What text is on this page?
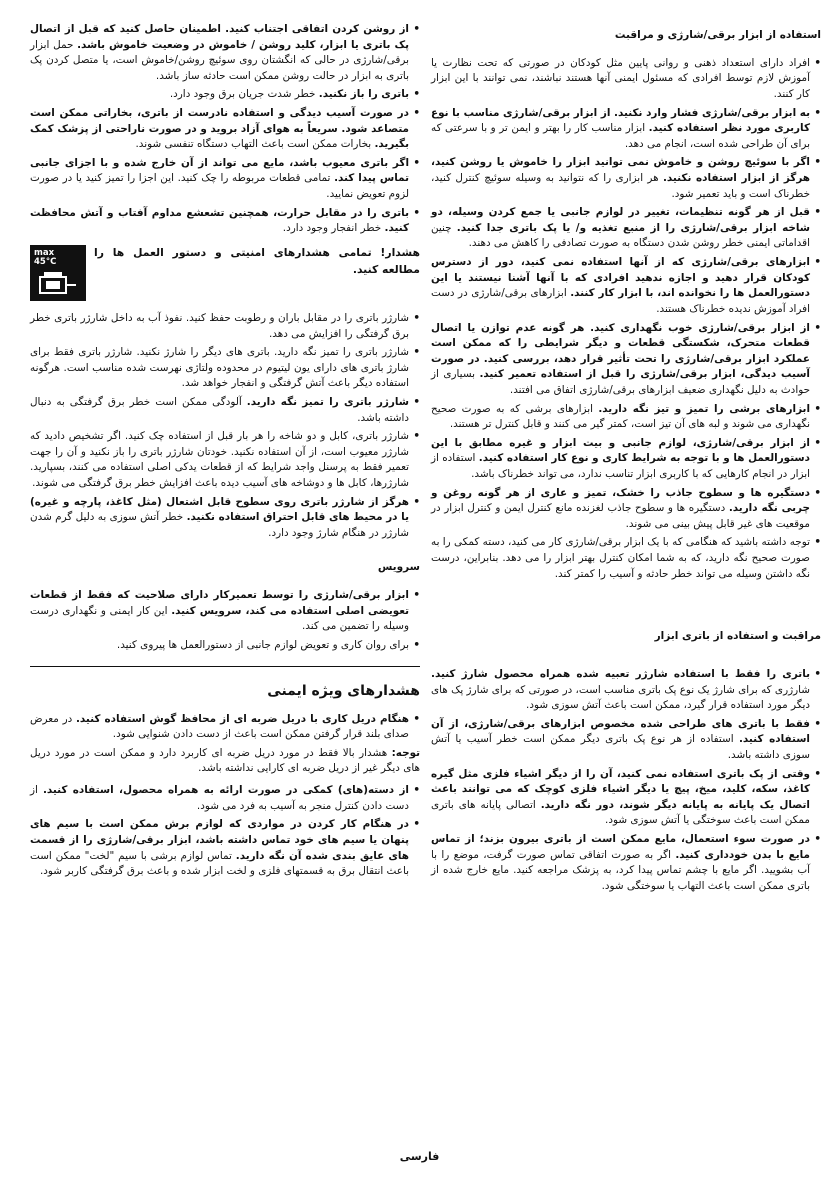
استفاده از ابزار برقی/شارژی و مراقبت
• افراد دارای استعداد ذهنی و روانی پایین مثل کودکان در صورتی که تحت نظارت یا آموزش لازم توسط افرادی که مسئول ایمنی آنها هستند نباشند، نمی توانند با این ابزار کار کنند.
• به ابزار برقی/شارژی فشار وارد نکنید. از ابزار برقی/شارژی مناسب با نوع کاربری مورد نظر استفاده کنید. ابزار مناسب کار را بهتر و ایمن تر و با سرعتی که برای آن طراحی شده است، انجام می دهد.
• اگر با سوئیچ روشن و خاموش نمی توانید ابزار را خاموش یا روشن کنید، هرگز از ابزار استفاده نکنید. هر ابزاری را که نتوانید به وسیله سوئیچ کنترل کنید، خطرناک است و باید تعمیر شود.
• قبل از هر گونه تنظیمات، تغییر در لوازم جانبی یا جمع کردن وسیله، دو شاخه ابزار برقی/شارژی را از منبع تغذیه و/ یا پک باتری جدا کنید. چنین اقداماتی ایمنی خطر روشن شدن دستگاه به صورت تصادفی را کاهش می دهند.
• ابزارهای برقی/شارژی که از آنها استفاده نمی کنید، دور از دسترس کودکان قرار دهید و اجازه ندهید افرادی که با آنها آشنا نیستند یا این دستورالعمل ها را نخوانده اند، با ابزار کار کنند. ابزارهای برقی/شارژی در دست افراد آموزش ندیده خطرناک هستند.
• از ابزار برقی/شارژی خوب نگهداری کنید. هر گونه عدم توازن یا اتصال قطعات متحرک، شکستگی قطعات و دیگر شرایطی را که ممکن است عملکرد ابزار برقی/شارژی را تحت تأثیر قرار دهد، بررسی کنید. در صورت آسیب دیدگی، ابزار برقی/شارژی را قبل از استفاده تعمیر کنید. بسیاری از حوادث به دلیل نگهداری ضعیف ابزارهای برقی/شارژی اتفاق می افتند.
• ابزارهای برشی را تمیز و تیز نگه دارید. ابزارهای برشی که به صورت صحیح نگهداری می شوند و لبه های آن تیز است، کمتر گیر می کنند و قابل کنترل تر هستند.
• از ابزار برقی/شارژی، لوازم جانبی و بیت ابزار و غیره مطابق با این دستورالعمل ها و با توجه به شرایط کاری و نوع کار استفاده کنید. استفاده از ابزار در انجام کارهایی که با کاربری ابزار تناسب ندارد، می تواند خطرناک باشد.
• دستگیره ها و سطوح جاذب را خشک، تمیز و عاری از هر گونه روغن و چربی نگه دارید. دستگیره ها و سطوح جاذب لغزنده مانع کنترل ایمن و کنترل ابزار در موقعیت های غیر قابل پیش بینی می شوند.
• توجه داشته باشید که هنگامی که با یک ابزار برقی/شارژی کار می کنید، دسته کمکی را به صورت صحیح نگه دارید، که به شما امکان کنترل بهتر ابزار را می دهد. بنابراین، درست نگه داشتن وسیله می تواند خطر حادثه و آسیب را کمتر کند.
مراقبت و استفاده از باتری ابزار
• باتری را فقط با استفاده شارژر تعبیه شده همراه محصول شارژ کنید. شارژری که برای شارژ یک نوع پک باتری مناسب است، در صورتی که برای شارژ پک های دیگر مورد استفاده قرار گیرد، ممکن است باعث آتش سوزی شود.
• فقط با باتری های طراحی شده مخصوص ابزارهای برقی/شارژی، از آن استفاده کنید. استفاده از هر نوع پک باتری دیگر ممکن است خطر آسیب یا آتش سوزی داشته باشد.
• وقتی از پک باتری استفاده نمی کنید، آن را از دیگر اشیاء فلزی مثل گیره کاغذ، سکه، کلید، میخ، پیچ یا دیگر اشیاء فلزی کوچک که می توانند باعث اتصال یک پایانه به پایانه دیگر شوند، دور نگه دارید. اتصالی پایانه های باتری ممکن است باعث سوختگی یا آتش سوزی شود.
• در صورت سوء استعمال، مایع ممکن است از باتری بیرون بزند؛ از تماس مایع با بدن خودداری کنید. اگر به صورت اتفاقی تماس صورت گرفت، موضع را با آب بشویید. اگر مایع با چشم تماس پیدا کرد، به پزشک مراجعه کنید. مایع خارج شده از باتری ممکن است باعث التهاب یا سوختگی شود.
• از روشن کردن اتفاقی اجتناب کنید. اطمینان حاصل کنید که قبل از اتصال پک باتری یا ابزار، کلید روشن / خاموش در وضعیت خاموش باشد. حمل ابزار برقی/شارژی در حالی که انگشتان روی سوئیچ روشن/خاموش است، یا متصل کردن پک باتری به ابزار در حالت روشن ممکن است حادثه ساز باشد.
• باتری را باز نکنید. خطر شدت جریان برق وجود دارد.
• در صورت آسیب دیدگی و استفاده نادرست از باتری، بخاراتی ممکن است متصاعد شود. سریعاً به هوای آزاد بروید و در صورت ناراحتی از پزشک کمک بگیرید. بخارات ممکن است باعث التهاب دستگاه تنفسی شوند.
• اگر باتری معیوب باشد، مایع می تواند از آن خارج شده و با اجزای جانبی تماس پیدا کند. تمامی قطعات مربوطه را چک کنید. این اجزا را تمیز کنید یا در صورت لزوم تعویض نمایید.
• باتری را در مقابل حرارت، همچنین تشعشع مداوم آفتاب و آتش محافظت کنید. خطر انفجار وجود دارد.
هشدار! تمامی هشدارهای امنیتی و دستور العمل ها را مطالعه کنید.
max
45°C
• شارژر باتری را در مقابل باران و رطوبت حفظ کنید. نفوذ آب به داخل شارژر باتری خطر برق گرفتگی را افزایش می دهد.
• شارژر باتری را تمیز نگه دارید. باتری های دیگر را شارژ نکنید. شارژر باتری فقط برای شارژ باتری های دارای یون لیتیوم در محدوده ولتاژی نهرست شده مناسب است. هرگونه استفاده دیگر باعث آتش گرفتگی و انفجار خواهد شد.
• شارژر باتری را تمیز نگه دارید. آلودگی ممکن است خطر برق گرفتگی به دنبال داشته باشد.
• شارژر باتری، کابل و دو شاخه را هر بار قبل از استفاده چک کنید. اگر تشخیص دادید که شارژر معیوب است، از آن استفاده نکنید. خودتان شارژر باتری را باز نکنید و آن را جهت تعمیر فقط به پرسنل واجد شرایط که از قطعات یدکی اصلی استفاده می کنند، بسپارید. شارژرها، کابل ها و دوشاخه های آسیب دیده باعث افزایش خطر برق گرفتگی می شوند.
• هرگز از شارژر باتری روی سطوح قابل اشتعال (مثل کاغذ، پارچه و غیره) یا در محیط های قابل احتراق استفاده نکنید. خطر آتش سوزی به دلیل گرم شدن شارژر در هنگام شارژ وجود دارد.
سرویس
• ابزار برقی/شارژی را توسط تعمیرکار دارای صلاحیت که فقط از قطعات تعویضی اصلی استفاده می کند، سرویس کنید. این کار ایمنی و نگهداری درست وسیله را تضمین می کند.
• برای روان کاری و تعویض لوازم جانبی از دستورالعمل ها پیروی کنید.
هشدارهای ویژه ایمنی
• هنگام دریل کاری با دریل ضربه ای از محافظ گوش استفاده کنید. در معرض صدای بلند قرار گرفتن ممکن است باعث از دست دادن شنوایی شود.
توجه: هشدار بالا فقط در مورد دریل ضربه ای کاربرد دارد و ممکن است در مورد دریل های دیگر غیر از دریل ضربه ای کارایی نداشته باشد.
• از دسته(های) کمکی در صورت ارائه به همراه محصول، استفاده کنید. از دست دادن کنترل منجر به آسیب به فرد می شود.
• در هنگام کار کردن در مواردی که لوازم برش ممکن است با سیم های پنهان یا سیم های خود تماس داشته باشد، ابزار برقی/شارژی را از قسمت های عایق بندی شده آن نگه دارید. تماس لوازم برشی با سیم "لخت" ممکن است باعث انتقال برق به قسمتهای فلزی و لخت ابزار شده و باعث برق گرفتگی کاربر شود.
فارسی
